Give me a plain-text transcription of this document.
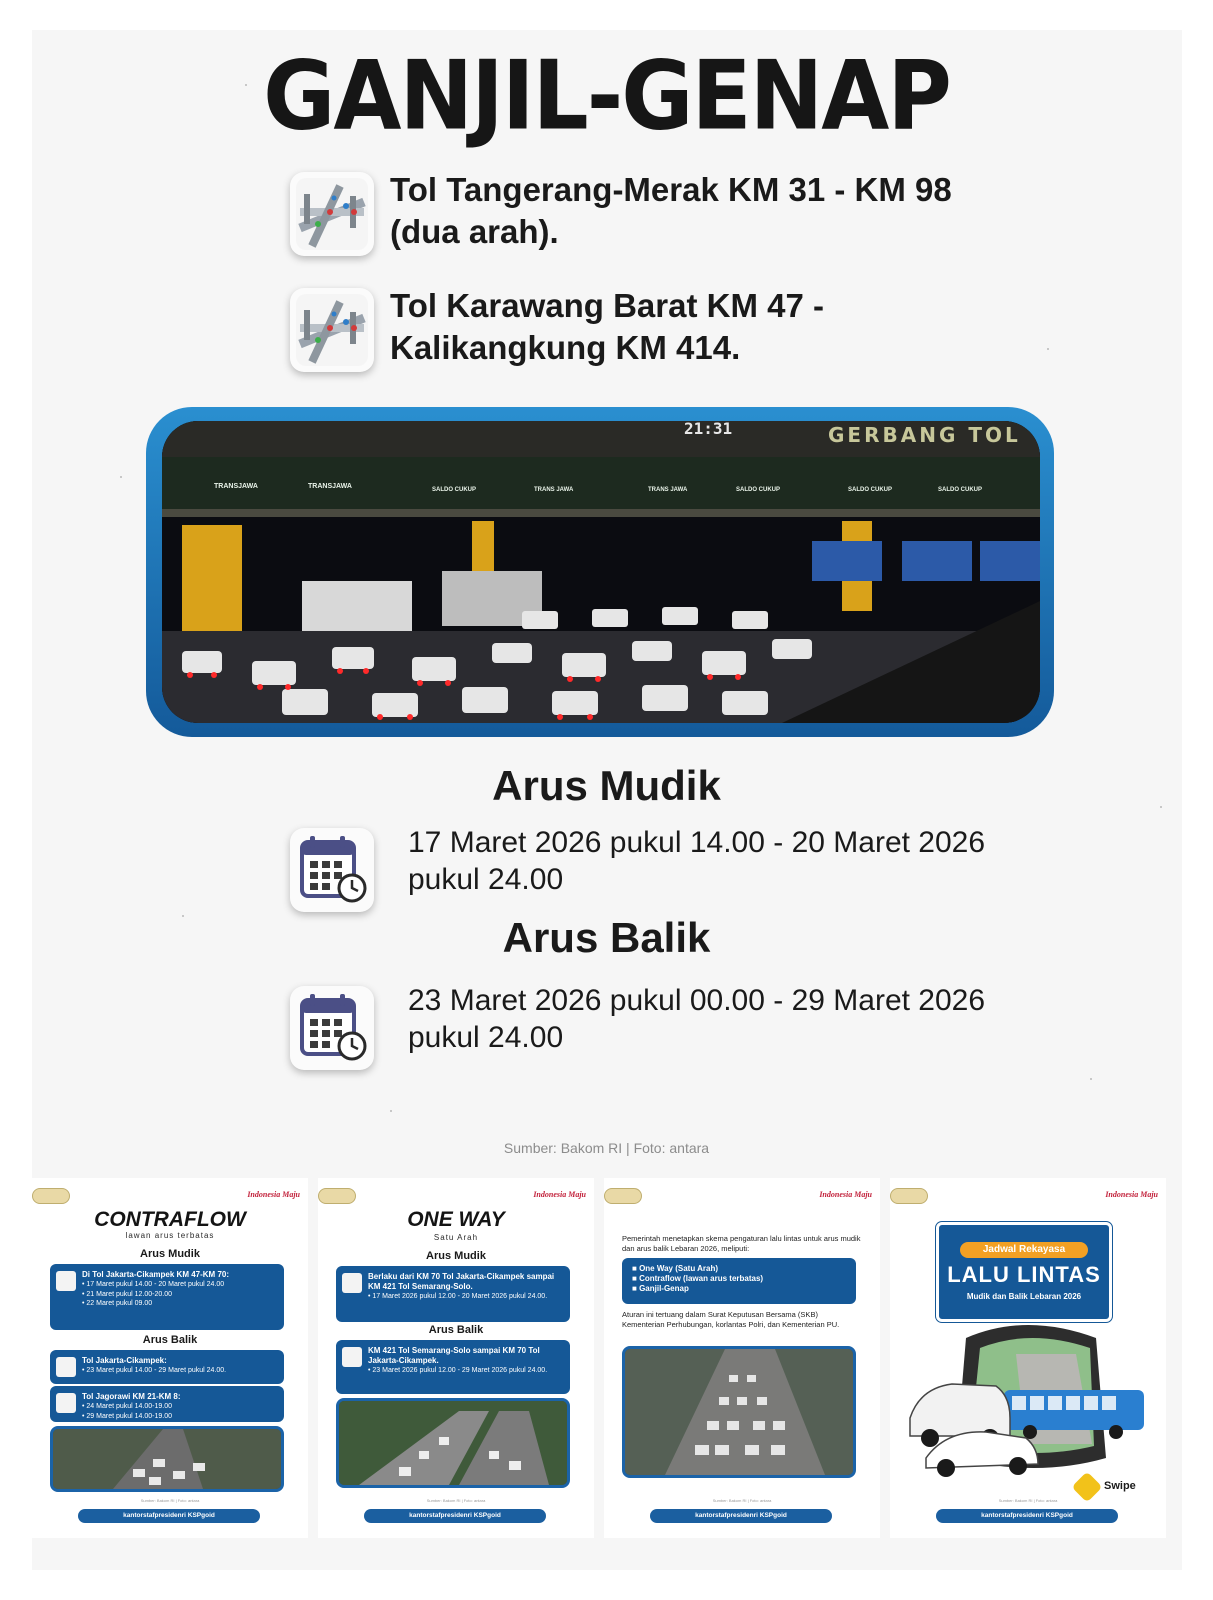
GANJIL-GENAP
Tol Tangerang-Merak KM 31 - KM 98 (dua arah).
Tol Karawang Barat KM 47 - Kalikangkung KM 414.
21:31	GERBANG TOL
TRANSJAWA	TRANSJAWA	SALDO CUKUP	TRANS JAWA	TRANS JAWA	SALDO CUKUP	SALDO CUKUP	SALDO CUKUP
Arus Mudik
17 Maret 2026 pukul 14.00 - 20 Maret 2026 pukul 24.00
Arus Balik
23 Maret 2026 pukul 00.00 - 29 Maret 2026 pukul 24.00
Sumber: Bakom RI | Foto: antara
Indonesia Maju
CONTRAFLOW
lawan arus terbatas
Arus Mudik
Di Tol Jakarta-Cikampek KM 47-KM 70:
• 17 Maret pukul 14.00 - 20 Maret pukul 24.00
• 21 Maret pukul 12.00-20.00
• 22 Maret pukul 09.00
Arus Balik
Tol Jakarta-Cikampek:
• 23 Maret pukul 14.00 - 29 Maret pukul 24.00.
Tol Jagorawi KM 21-KM 8:
• 24 Maret pukul 14.00-19.00
• 29 Maret pukul 14.00-19.00
Sumber: Bakom RI | Foto: antara
kantorstafpresidenri KSPgoid
Indonesia Maju
ONE WAY
Satu Arah
Arus Mudik
Berlaku dari KM 70 Tol Jakarta-Cikampek sampai KM 421 Tol Semarang-Solo.
• 17 Maret 2026 pukul 12.00 - 20 Maret 2026 pukul 24.00.
Arus Balik
KM 421 Tol Semarang-Solo sampai KM 70 Tol Jakarta-Cikampek.
• 23 Maret 2026 pukul 12.00 - 29 Maret 2026 pukul 24.00.
Sumber: Bakom RI | Foto: antara
kantorstafpresidenri KSPgoid
Indonesia Maju
Pemerintah menetapkan skema pengaturan lalu lintas untuk arus mudik dan arus balik Lebaran 2026, meliputi:
■ One Way (Satu Arah)
■ Contraflow (lawan arus terbatas)
■ Ganjil-Genap
Aturan ini tertuang dalam Surat Keputusan Bersama (SKB) Kementerian Perhubungan, korlantas Polri, dan Kementerian PU.
Sumber: Bakom RI | Foto: antara
kantorstafpresidenri KSPgoid
Indonesia Maju
Jadwal Rekayasa
LALU LINTAS
Mudik dan Balik Lebaran 2026
Swipe
Sumber: Bakom RI | Foto: antara
kantorstafpresidenri KSPgoid
